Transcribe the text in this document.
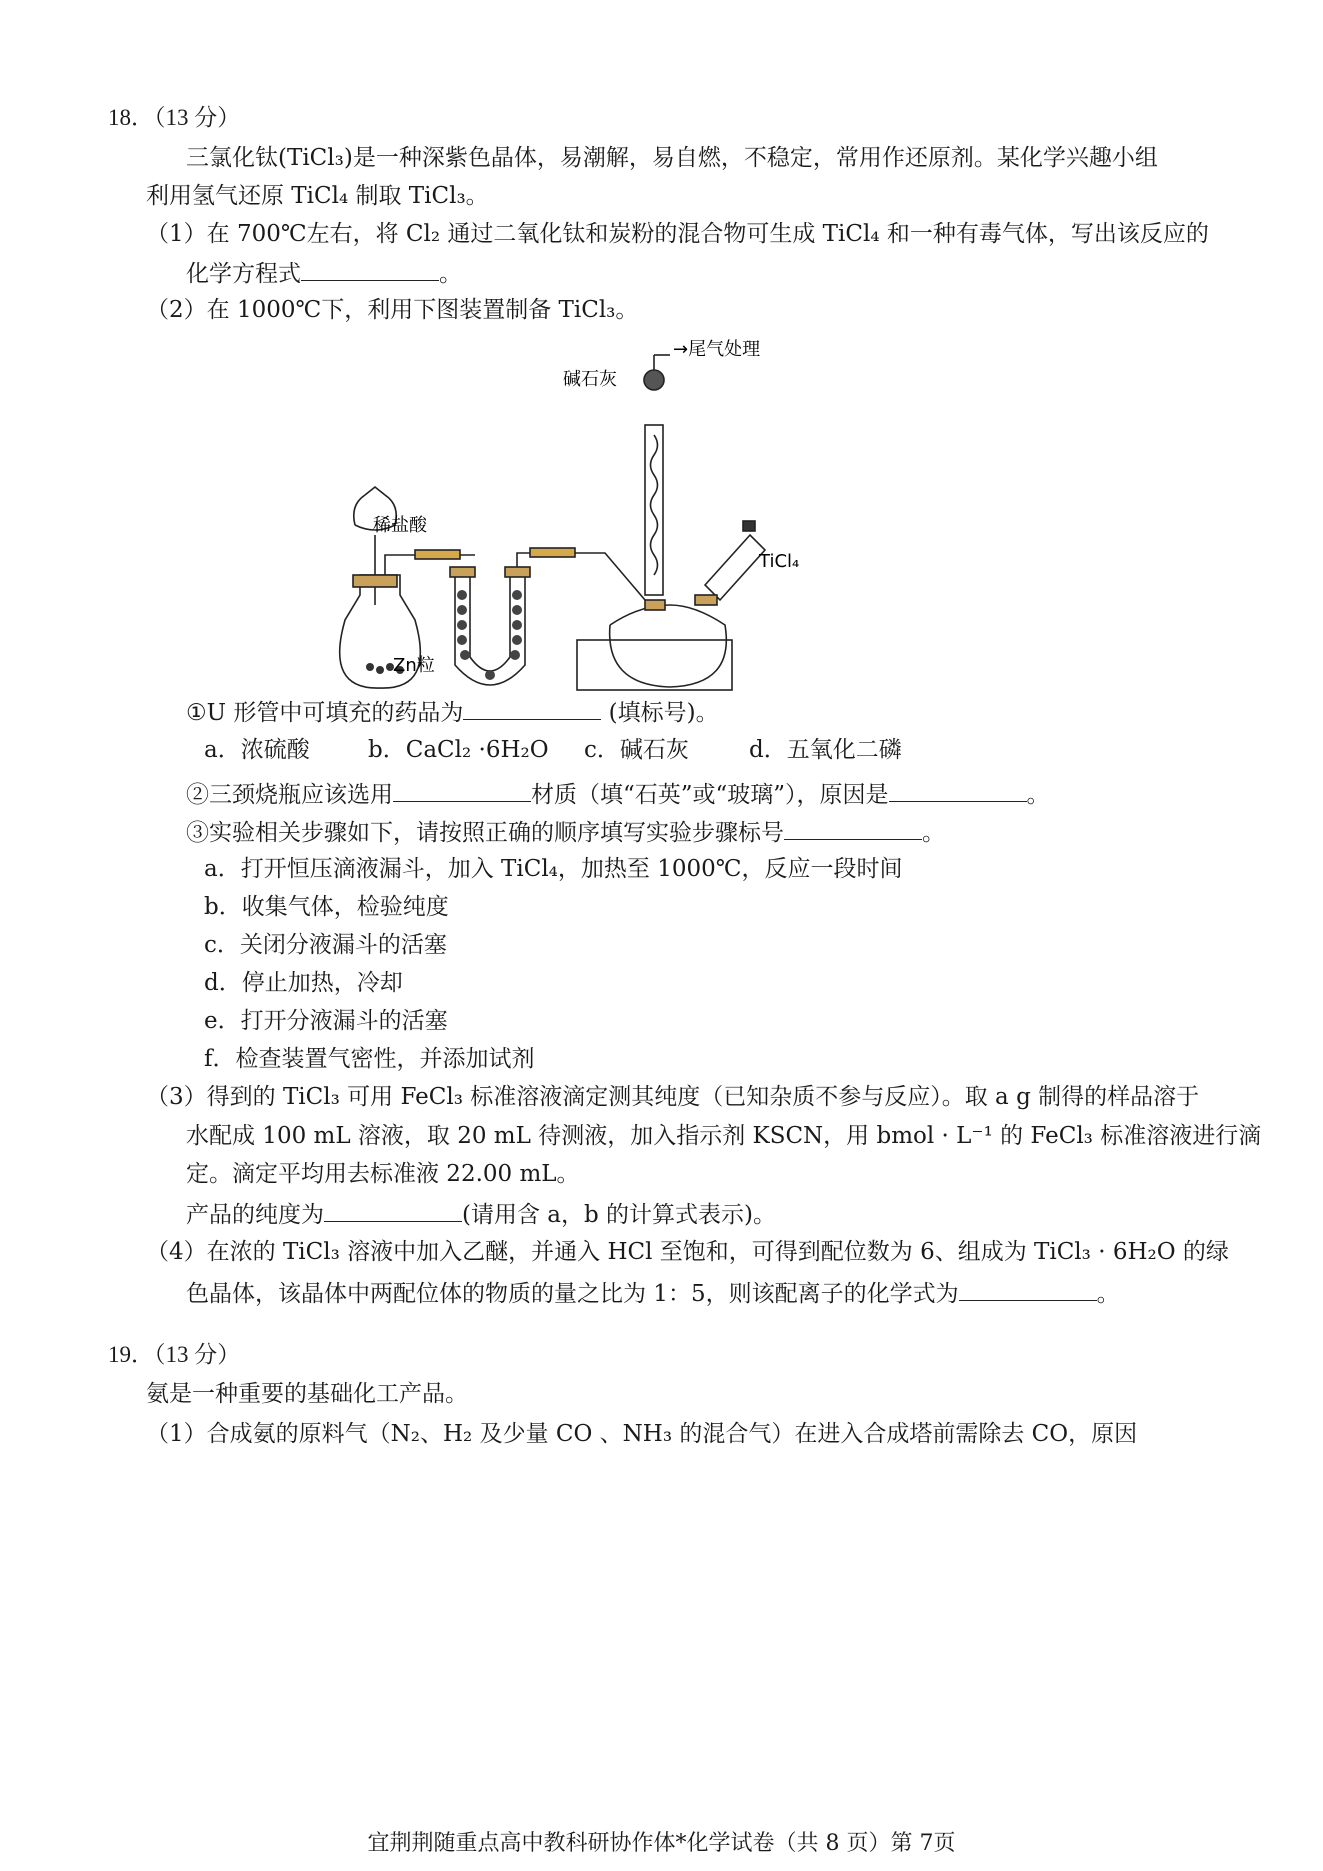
18．（13 分）
三氯化钛(TiCl₃)是一种深紫色晶体，易潮解，易自燃，不稳定，常用作还原剂。某化学兴趣小组
利用氢气还原 TiCl₄ 制取 TiCl₃。
（1）在 700℃左右，将 Cl₂ 通过二氧化钛和炭粉的混合物可生成 TiCl₄ 和一种有毒气体，写出该反应的
化学方程式	。
（2）在 1000℃下，利用下图装置制备 TiCl₃。
→尾气处理
碱石灰
稀盐酸
TiCl₄
Zn粒
①U 形管中可填充的药品为	(填标号)。
a．浓硫酸	b．CaCl₂ ·6H₂O c．碱石灰	d．五氧化二磷
②三颈烧瓶应该选用	材质（填“石英”或“玻璃”），原因是	。
③实验相关步骤如下，请按照正确的顺序填写实验步骤标号	。
a．打开恒压滴液漏斗，加入 TiCl₄，加热至 1000℃，反应一段时间
b．收集气体，检验纯度
c．关闭分液漏斗的活塞
d．停止加热，冷却
e．打开分液漏斗的活塞
f．检查装置气密性，并添加试剂
（3）得到的 TiCl₃ 可用 FeCl₃ 标准溶液滴定测其纯度（已知杂质不参与反应）。取 a g 制得的样品溶于
水配成 100 mL 溶液，取 20 mL 待测液，加入指示剂 KSCN，用 bmol · L⁻¹ 的 FeCl₃ 标准溶液进行滴
定。滴定平均用去标准液 22.00 mL。
产品的纯度为	(请用含 a，b 的计算式表示)。
（4）在浓的 TiCl₃ 溶液中加入乙醚，并通入 HCl 至饱和，可得到配位数为 6、组成为 TiCl₃ · 6H₂O 的绿
色晶体，该晶体中两配位体的物质的量之比为 1：5，则该配离子的化学式为	。
19．（13 分）
氨是一种重要的基础化工产品。
（1）合成氨的原料气（N₂、H₂ 及少量 CO 、NH₃ 的混合气）在进入合成塔前需除去 CO，原因
宜荆荆随重点高中教科研协作体*化学试卷（共 8 页）第 7页
